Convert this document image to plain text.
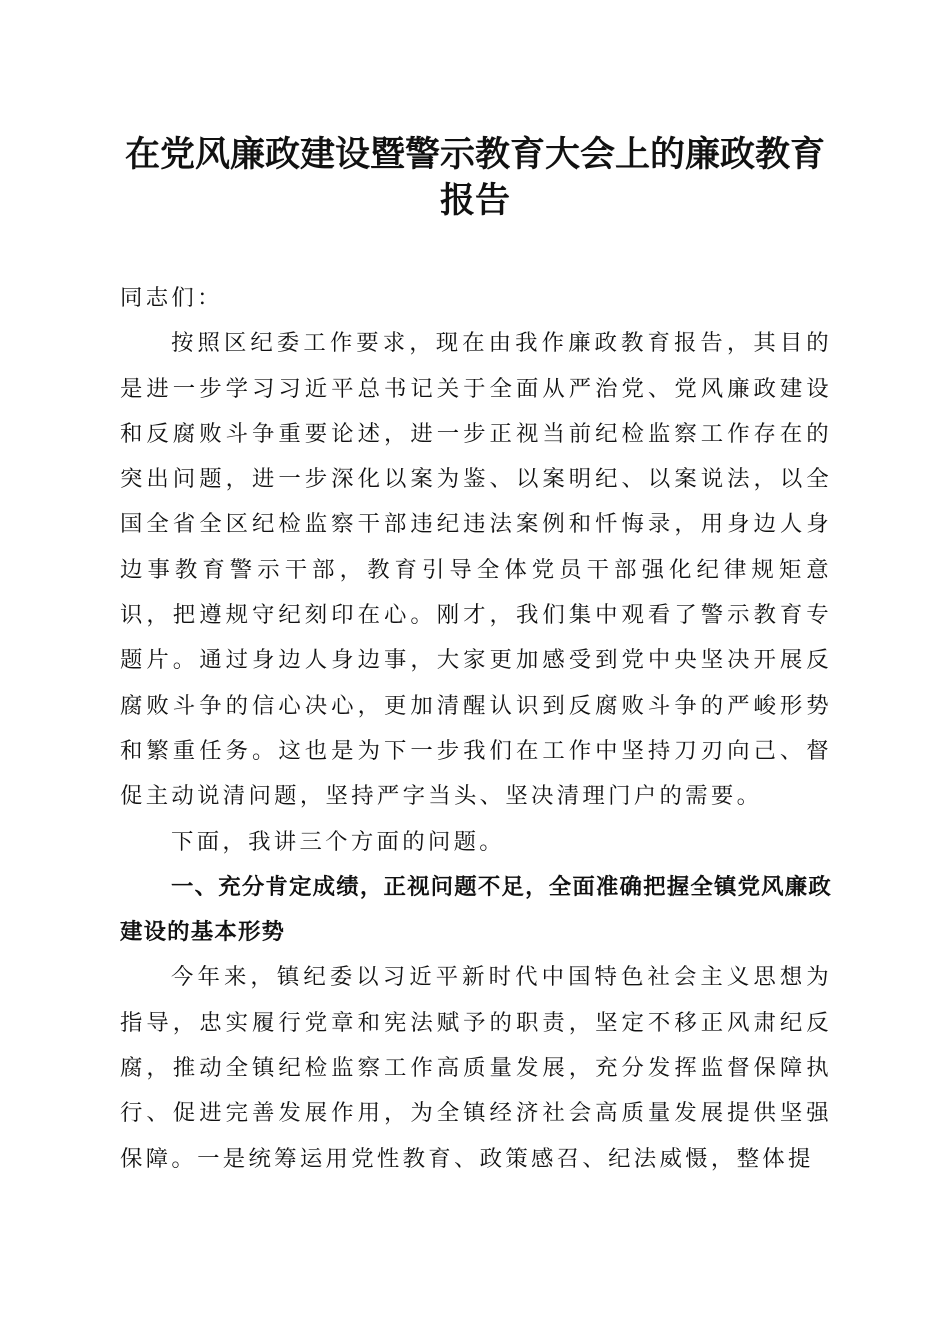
在党风廉政建设暨警示教育大会上的廉政教育
报告

同志们：

按照区纪委工作要求，现在由我作廉政教育报告，其目的是进一步学习习近平总书记关于全面从严治党、党风廉政建设和反腐败斗争重要论述，进一步正视当前纪检监察工作存在的突出问题，进一步深化以案为鉴、以案明纪、以案说法，以全国全省全区纪检监察干部违纪违法案例和忏悔录，用身边人身边事教育警示干部，教育引导全体党员干部强化纪律规矩意识，把遵规守纪刻印在心。刚才，我们集中观看了警示教育专题片。通过身边人身边事，大家更加感受到党中央坚决开展反腐败斗争的信心决心，更加清醒认识到反腐败斗争的严峻形势和繁重任务。这也是为下一步我们在工作中坚持刀刃向己、督促主动说清问题，坚持严字当头、坚决清理门户的需要。

下面，我讲三个方面的问题。

一、充分肯定成绩，正视问题不足，全面准确把握全镇党风廉政建设的基本形势

今年来，镇纪委以习近平新时代中国特色社会主义思想为指导，忠实履行党章和宪法赋予的职责，坚定不移正风肃纪反腐，推动全镇纪检监察工作高质量发展，充分发挥监督保障执行、促进完善发展作用，为全镇经济社会高质量发展提供坚强保障。一是统筹运用党性教育、政策感召、纪法威慑，整体提
